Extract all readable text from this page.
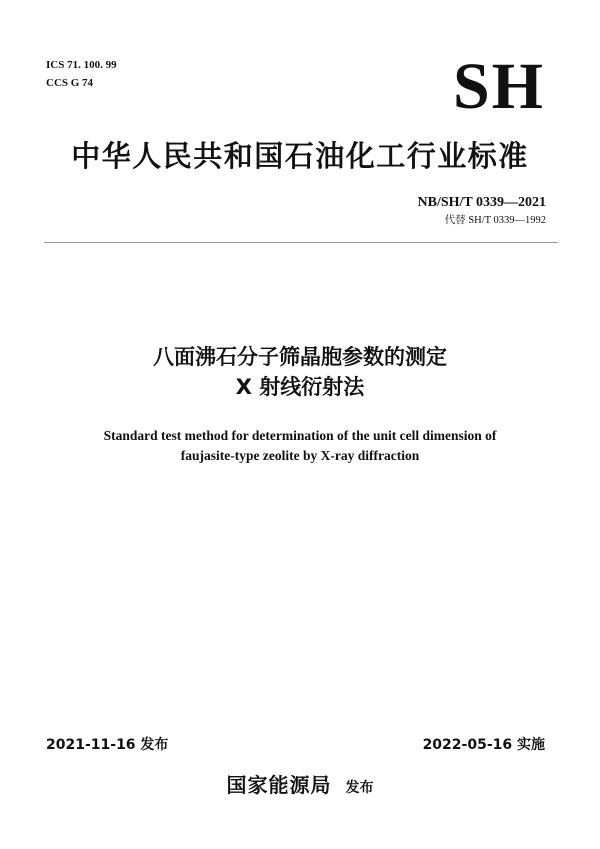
ICS 71. 100. 99
CCS G 74	SH
中华人民共和国石油化工行业标准
NB/SH/T 0339—2021
代替 SH/T 0339—1992
八面沸石分子筛晶胞参数的测定
X 射线衍射法
Standard test method for determination of the unit cell dimension of
faujasite-type zeolite by X-ray diffraction
2021-11-16 发布	2022-05-16 实施
国家能源局 发布
